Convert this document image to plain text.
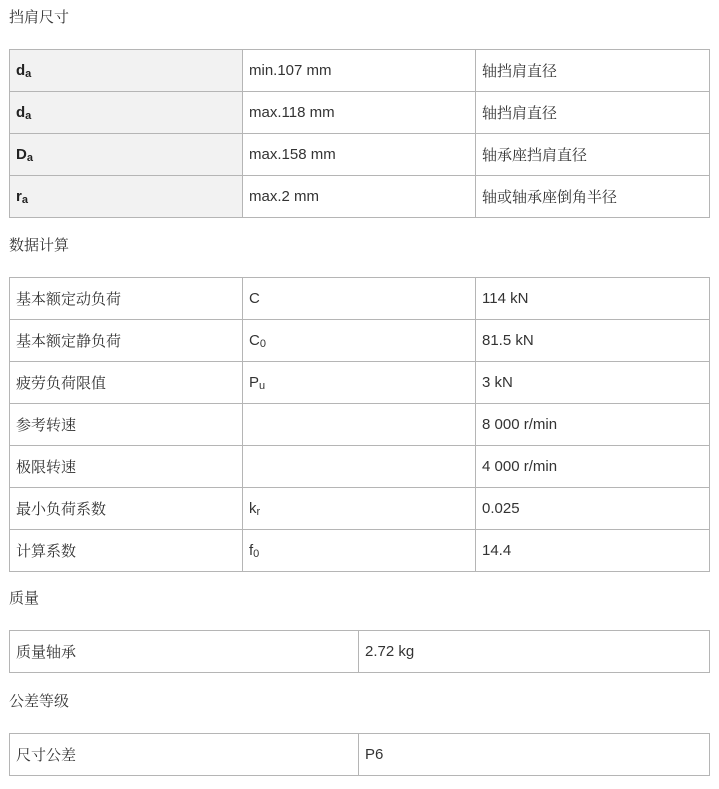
挡肩尺寸
$d_a$	min.107 mm	轴挡肩直径
$d_a$	max.118 mm	轴挡肩直径
$D_a$	max.158 mm	轴承座挡肩直径
$r_a$	max.2 mm	轴或轴承座倒角半径
数据计算
基本额定动负荷	C	114 kN
基本额定静负荷	$C_0$	81.5 kN
疲劳负荷限值	$P_u$	3 kN
参考转速		8 000 r/min
极限转速		4 000 r/min
最小负荷系数	$k_r$	0.025
计算系数	$f_0$	14.4
质量
质量轴承	2.72 kg
公差等级
尺寸公差	P6
